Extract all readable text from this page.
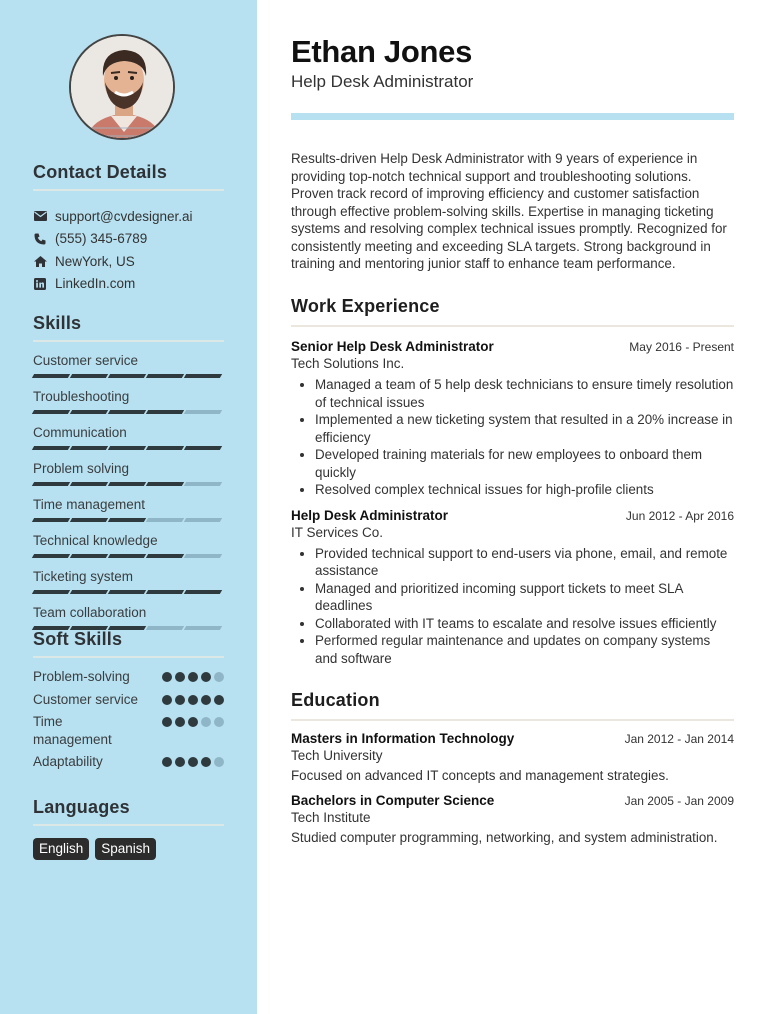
Contact Details
support@cvdesigner.ai
(555) 345-6789
NewYork, US
LinkedIn.com
Skills
Customer service
Troubleshooting
Communication
Problem solving
Time management
Technical knowledge
Ticketing system
Team collaboration
Soft Skills
Problem-solving
Customer service
Time management
Adaptability
Languages
English	Spanish
Ethan Jones
Help Desk Administrator
Results-driven Help Desk Administrator with 9 years of experience in providing top-notch technical support and troubleshooting solutions. Proven track record of improving efficiency and customer satisfaction through effective problem-solving skills. Expertise in managing ticketing systems and resolving complex technical issues promptly. Recognized for consistently meeting and exceeding SLA targets. Strong background in training and mentoring junior staff to enhance team performance.
Work Experience
Senior Help Desk Administrator	May 2016 - Present
Tech Solutions Inc.
• Managed a team of 5 help desk technicians to ensure timely resolution of technical issues
• Implemented a new ticketing system that resulted in a 20% increase in efficiency
• Developed training materials for new employees to onboard them quickly
• Resolved complex technical issues for high-profile clients
Help Desk Administrator	Jun 2012 - Apr 2016
IT Services Co.
• Provided technical support to end-users via phone, email, and remote assistance
• Managed and prioritized incoming support tickets to meet SLA deadlines
• Collaborated with IT teams to escalate and resolve issues efficiently
• Performed regular maintenance and updates on company systems and software
Education
Masters in Information Technology	Jan 2012 - Jan 2014
Tech University
Focused on advanced IT concepts and management strategies.
Bachelors in Computer Science	Jan 2005 - Jan 2009
Tech Institute
Studied computer programming, networking, and system administration.
